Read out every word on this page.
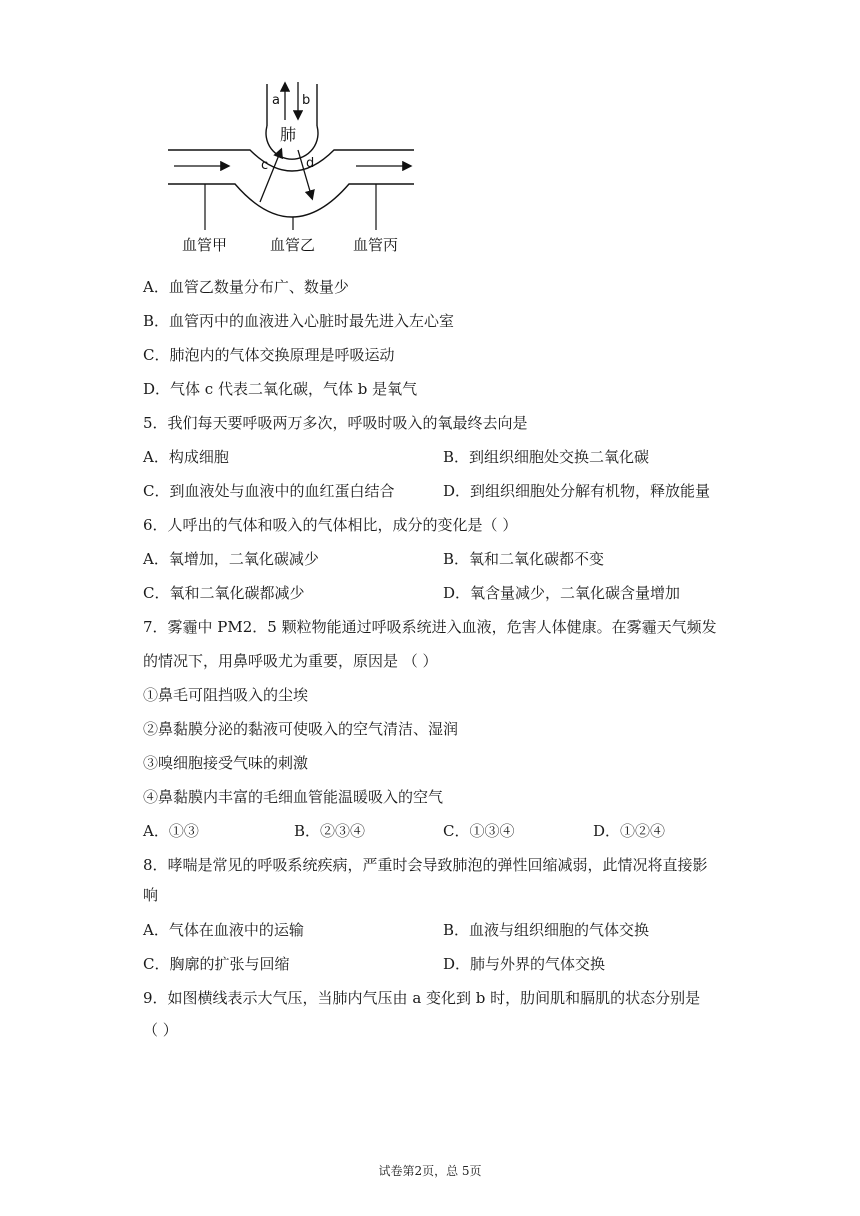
肺
a b
c	d
血管甲	血管乙	血管丙
A．血管乙数量分布广、数量少
B．血管丙中的血液进入心脏时最先进入左心室
C．肺泡内的气体交换原理是呼吸运动
D．气体 c 代表二氧化碳，气体 b 是氧气
5．我们每天要呼吸两万多次，呼吸时吸入的氧最终去向是
A．构成细胞	B．到组织细胞处交换二氧化碳
C．到血液处与血液中的血红蛋白结合	D．到组织细胞处分解有机物，释放能量
6．人呼出的气体和吸入的气体相比，成分的变化是（ ）
A．氧增加，二氧化碳减少	B．氧和二氧化碳都不变
C．氧和二氧化碳都减少	D．氧含量减少，二氧化碳含量增加
7．雾霾中 PM2．5 颗粒物能通过呼吸系统进入血液，危害人体健康。在雾霾天气频发
的情况下，用鼻呼吸尤为重要，原因是 （ ）
①鼻毛可阻挡吸入的尘埃
②鼻黏膜分泌的黏液可使吸入的空气清洁、湿润
③嗅细胞接受气味的刺激
④鼻黏膜内丰富的毛细血管能温暖吸入的空气
A．①③	B．②③④	C．①③④	D．①②④
8．哮喘是常见的呼吸系统疾病，严重时会导致肺泡的弹性回缩减弱，此情况将直接影
响
A．气体在血液中的运输	B．血液与组织细胞的气体交换
C．胸廓的扩张与回缩	D．肺与外界的气体交换
9．如图横线表示大气压，当肺内气压由 a 变化到 b 时，肋间肌和膈肌的状态分别是
（ ）
试卷第2页，总 5页
